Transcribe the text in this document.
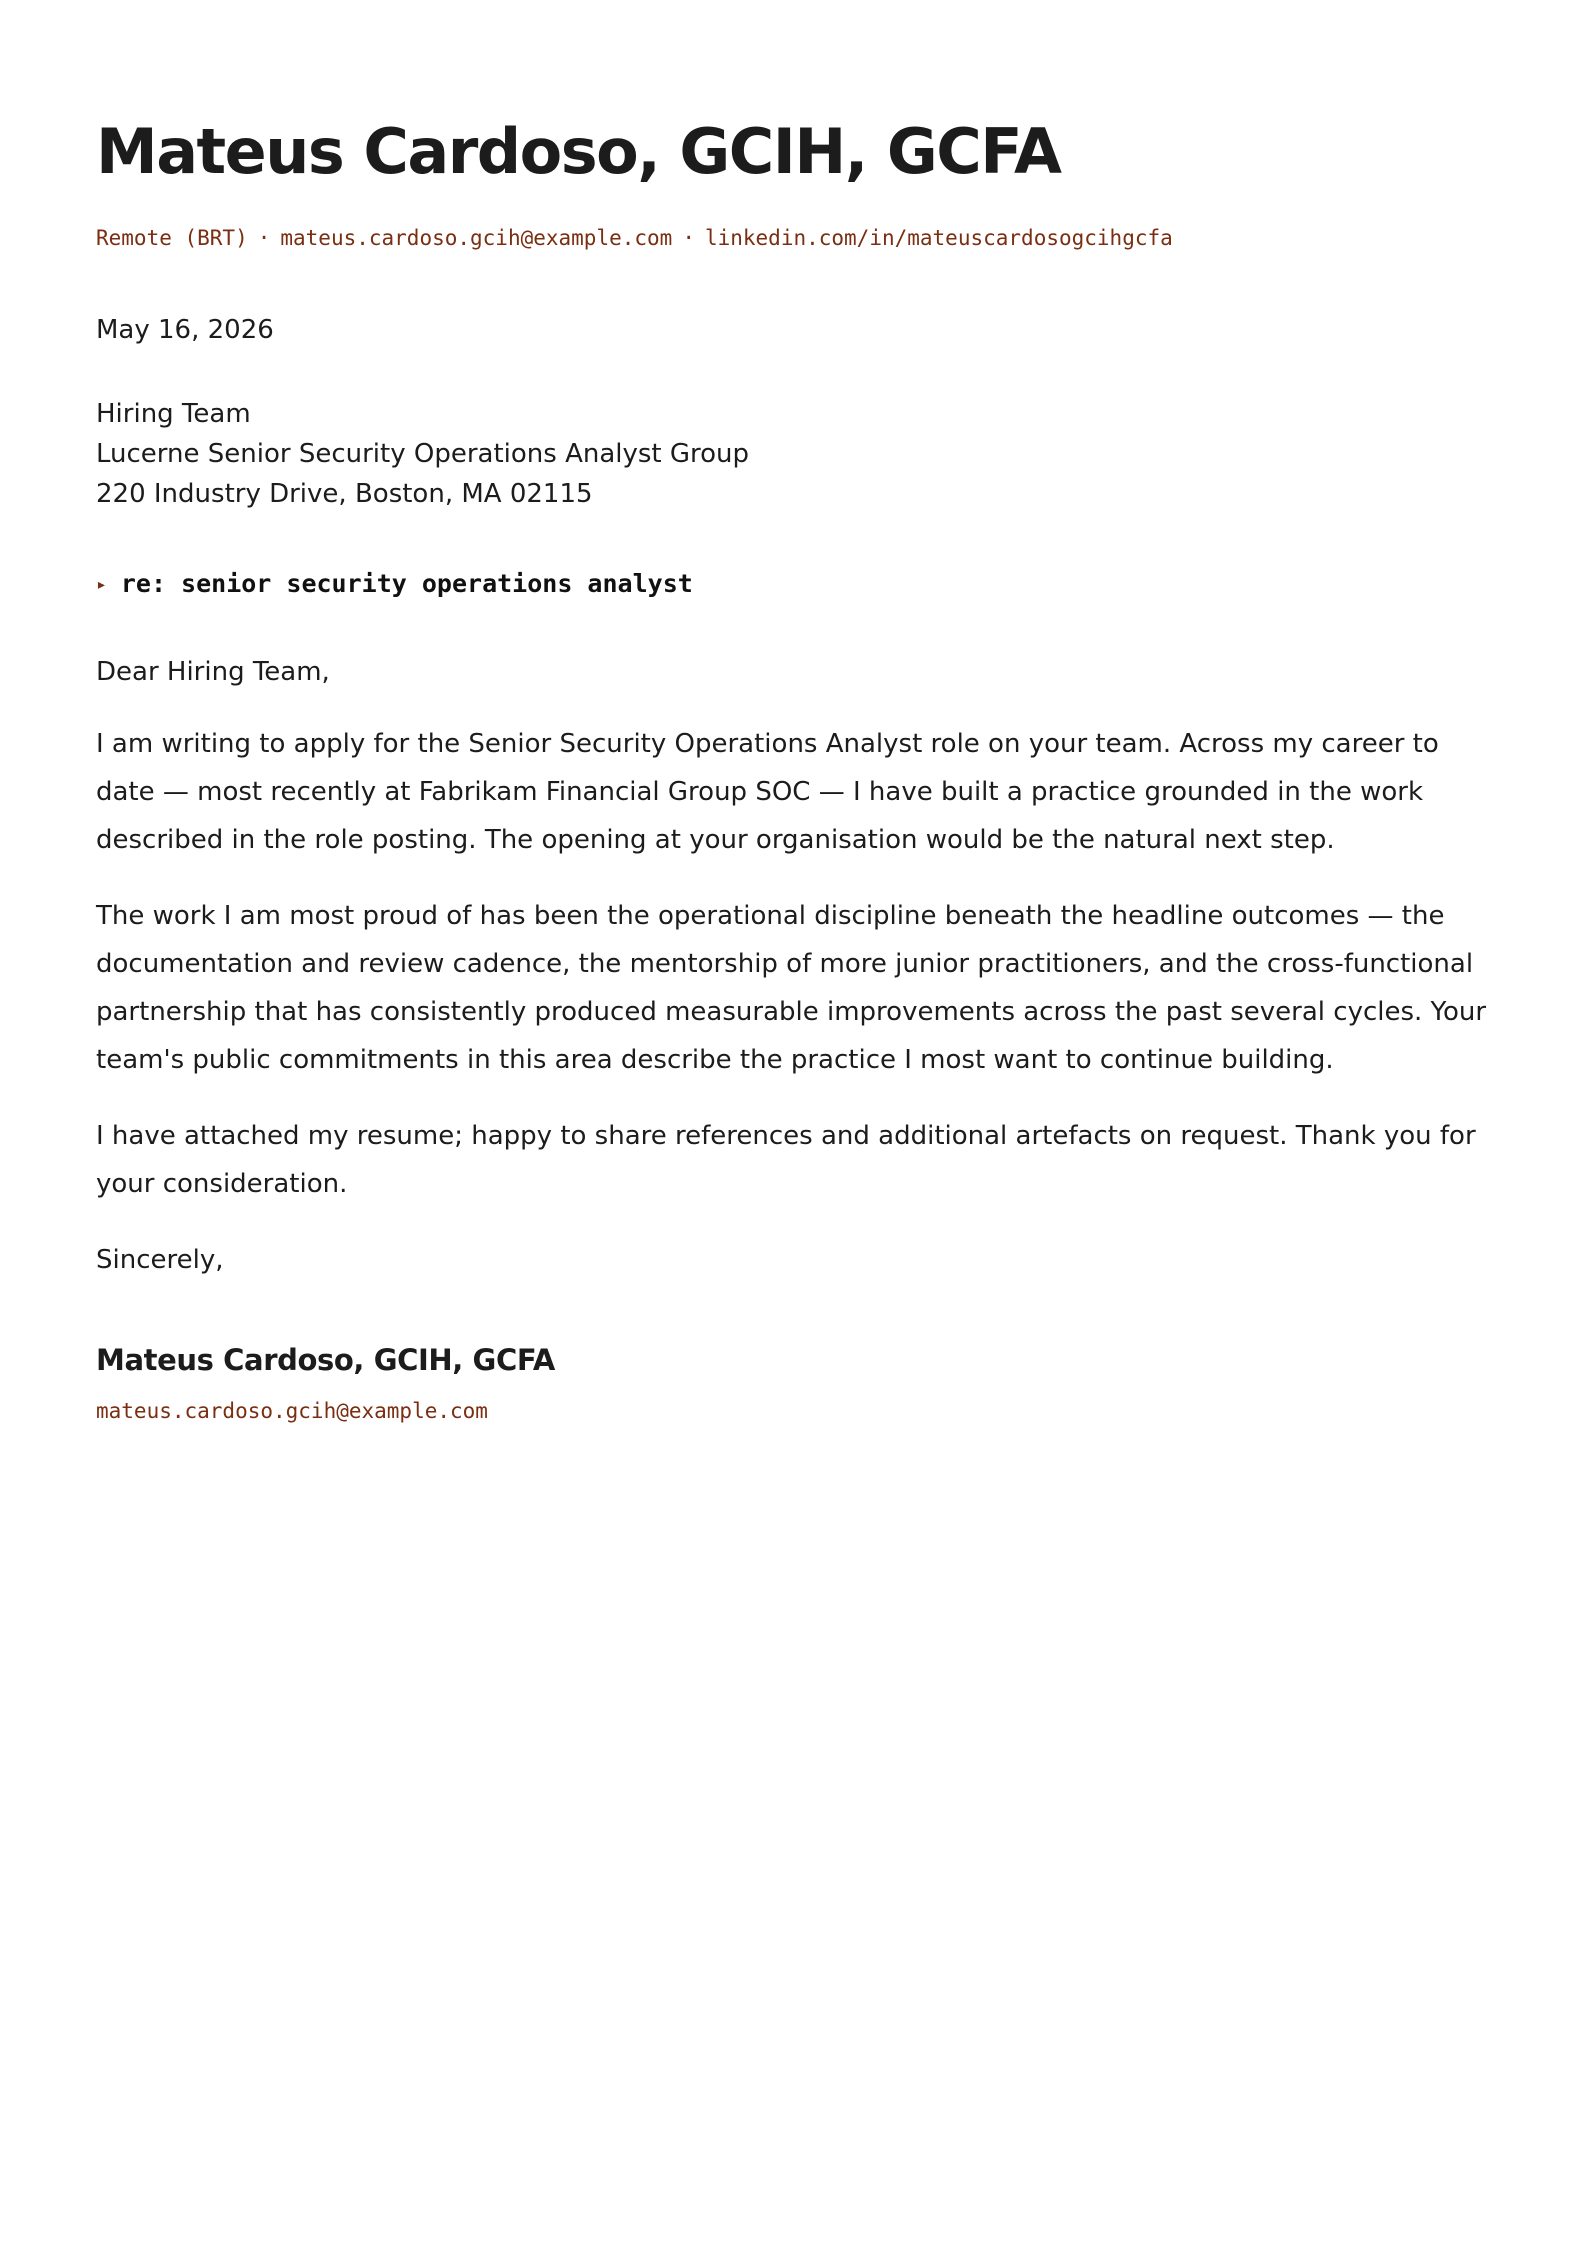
Mateus Cardoso, GCIH, GCFA
Remote (BRT) · mateus.cardoso.gcih@example.com · linkedin.com/in/mateuscardosogcihgcfa
May 16, 2026
Hiring Team
Lucerne Senior Security Operations Analyst Group
220 Industry Drive, Boston, MA 02115
▸ re: senior security operations analyst

Dear Hiring Team,

I am writing to apply for the Senior Security Operations Analyst role on your team. Across my career to date — most recently at Fabrikam Financial Group SOC — I have built a practice grounded in the work described in the role posting. The opening at your organisation would be the natural next step.

The work I am most proud of has been the operational discipline beneath the headline outcomes — the documentation and review cadence, the mentorship of more junior practitioners, and the cross-functional partnership that has consistently produced measurable improvements across the past several cycles. Your team's public commitments in this area describe the practice I most want to continue building.

I have attached my resume; happy to share references and additional artefacts on request. Thank you for your consideration.

Sincerely,

Mateus Cardoso, GCIH, GCFA
mateus.cardoso.gcih@example.com
